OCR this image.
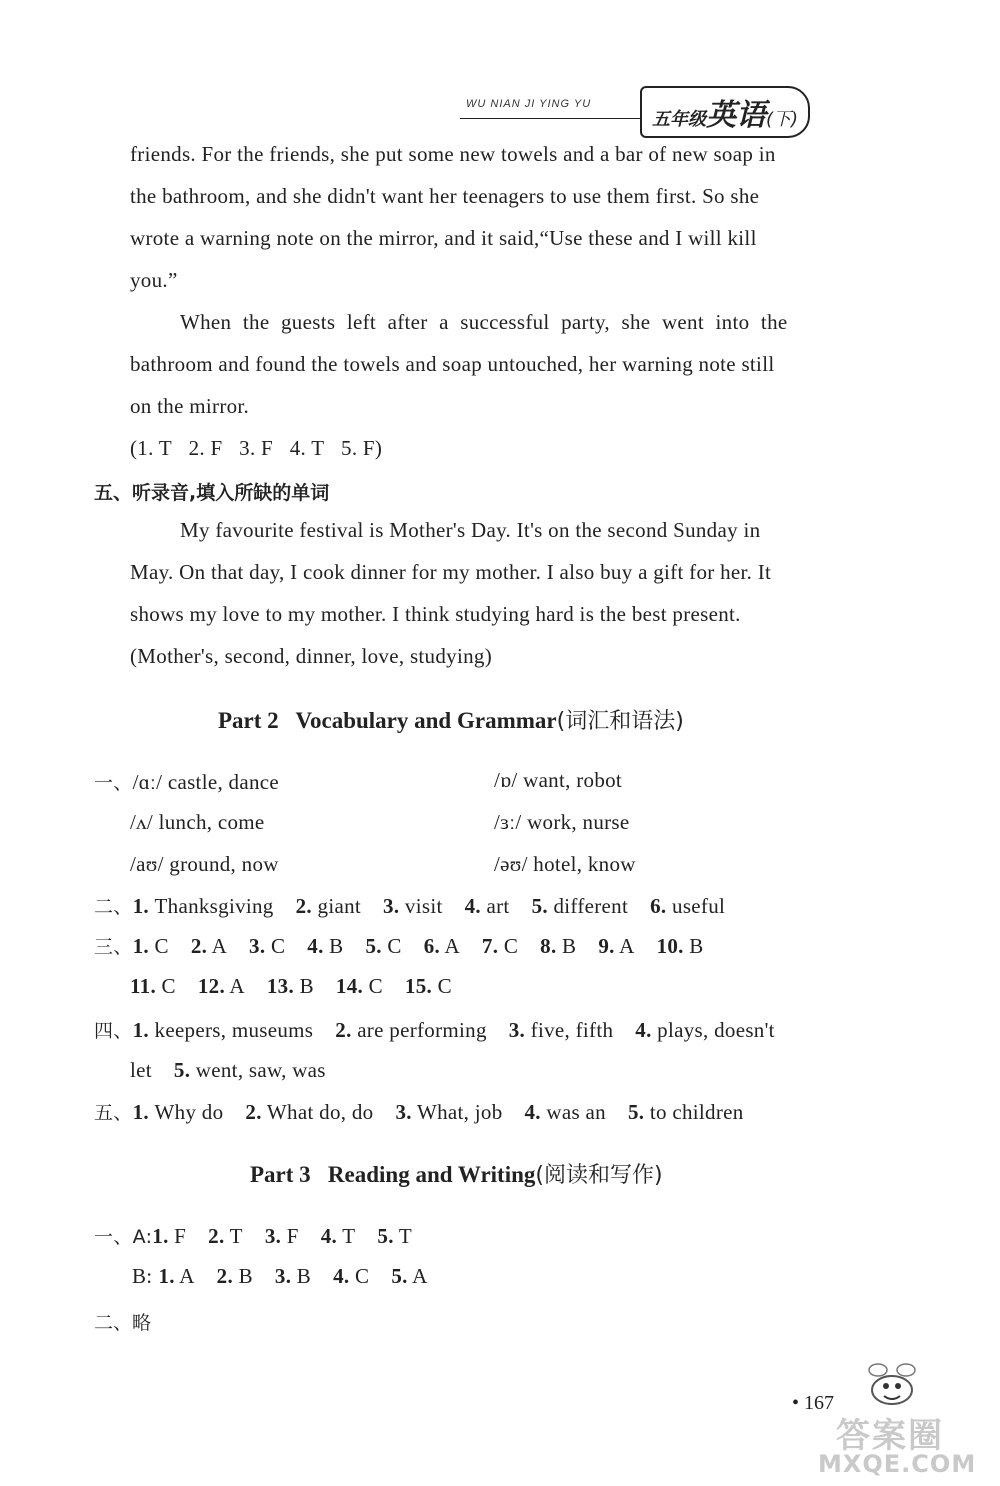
WU NIAN JI YING YU
五年级英语(下)
friends. For the friends, she put some new towels and a bar of new soap in
the bathroom, and she didn't want her teenagers to use them first. So she
wrote a warning note on the mirror, and it said,“Use these and I will kill
you.”
When the guests left after a successful party, she went into the
bathroom and found the towels and soap untouched, her warning note still
on the mirror.
(1. T 2. F 3. F 4. T 5. F)
五、听录音,填入所缺的单词
My favourite festival is Mother's Day. It's on the second Sunday in
May. On that day, I cook dinner for my mother. I also buy a gift for her. It
shows my love to my mother. I think studying hard is the best present.
(Mother's, second, dinner, love, studying)
Part 2   Vocabulary and Grammar(词汇和语法)
一、/ɑː/ castle, dance	/ɒ/ want, robot
/ʌ/ lunch, come	/ɜː/ work, nurse
/aʊ/ ground, now	/əʊ/ hotel, know
二、1. Thanksgiving 2. giant 3. visit 4. art 5. different 6. useful
三、1. C 2. A 3. C 4. B 5. C 6. A 7. C 8. B 9. A 10. B
11. C 12. A 13. B 14. C 15. C
四、1. keepers, museums 2. are performing 3. five, fifth 4. plays, doesn't
let 5. went, saw, was
五、1. Why do 2. What do, do 3. What, job 4. was an 5. to children
Part 3   Reading and Writing(阅读和写作)
一、A:1. F 2. T 3. F 4. T 5. T
B: 1. A 2. B 3. B 4. C 5. A
二、略
• 167
答案圈
MXQE.COM
